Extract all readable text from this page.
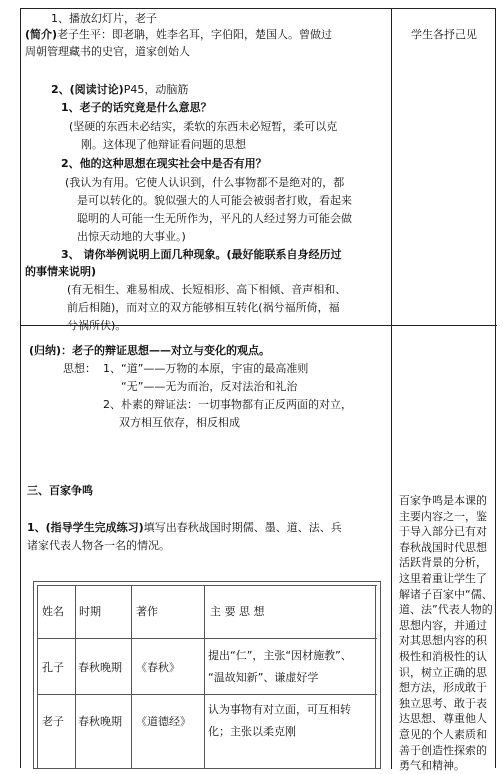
1、播放幻灯片，老子
(简介)老子生平：即老聃，姓李名耳，字伯阳，楚国人。曾做过
周朝管理藏书的史官，道家创始人
学生各抒己见
2、(阅读讨论)P45，动脑筋
1、老子的话究竟是什么意思？
(坚硬的东西未必结实，柔软的东西未必短暂，柔可以克
刚。这体现了他辩证看问题的思想
2、他的这种思想在现实社会中是否有用？
(我认为有用。它使人认识到，什么事物都不是绝对的，都
是可以转化的。貌似强大的人可能会被弱者打败，看起来
聪明的人可能一生无所作为，平凡的人经过努力可能会做
出惊天动地的大事业。)
3、 请你举例说明上面几种现象。(最好能联系自身经历过
的事情来说明)
(有无相生、难易相成、长短相形、高下相倾、音声相和、
前后相随)，而对立的双方能够相互转化(祸兮福所倚，福
兮祸所伏)。
(归纳)：老子的辩证思想——对立与变化的观点。
思想： 1、“道”——万物的本原，宇宙的最高准则
“无”——无为而治，反对法治和礼治
2、朴素的辩证法：一切事物都有正反两面的对立，
双方相互依存，相反相成
三、百家争鸣
1、(指导学生完成练习)填写出春秋战国时期儒、墨、道、法、兵
诸家代表人物各一名的情况。
百家争鸣是本课的主要内容之一，鉴于导入部分已有对春秋战国时代思想活跃背景的分析，这里着重让学生了解诸子百家中“儒、道、法”代表人物的思想内容，并通过对其思想内容的积极性和消极性的认识，树立正确的思想方法，形成敢于独立思考、敢于表达思想、尊重他人意见的个人素质和善于创造性探索的勇气和精神。
姓名 时期	著作	主 要 思 想
孔子 春秋晚期 《春秋》
提出“仁”，主张“因材施教”、
“温故知新”、谦虚好学
老子 春秋晚期 《道德经》
认为事物有对立面，可互相转
化；主张以柔克刚
